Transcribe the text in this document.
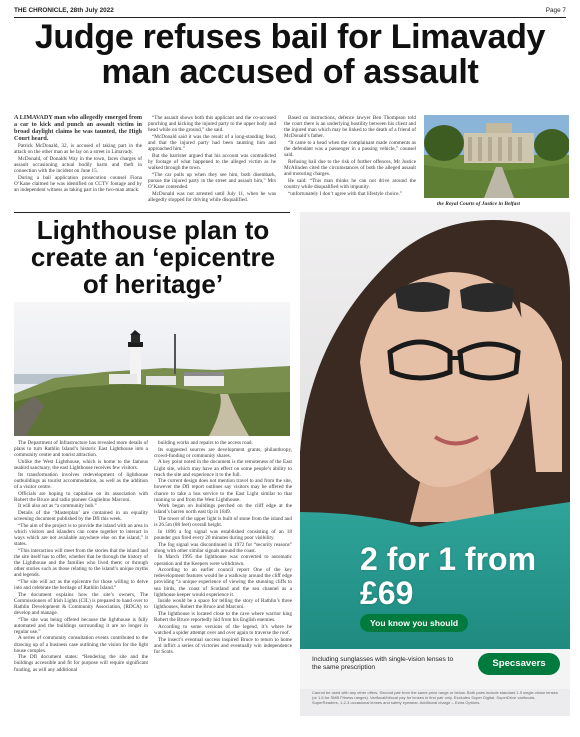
THE CHRONICLE, 28th July 2022	Page 7
Judge refuses bail for Limavady man accused of assault

A LIMAVADY man who allegedly emerged from a car to kick and punch an assault victim in broad daylight claims he was taunted, the High Court heard.

Patrick McDonald, 32, is accused of taking part in the attack on the other man as he lay on a street in Limavady.

McDonald, of Donalds Way in the town, faces charges of assault occasioning actual bodily harm and theft in connection with the incident on June 15.

During a bail application prosecution counsel Fiona O’Kane claimed he was identified on CCTV footage and by an independent witness as taking part in the two-man attack.

“The assault shows both this applicant and the co-accused punching and kicking the injured party to the upper body and head while on the ground,” she said.

“McDonald said it was the result of a long-standing feud, and that the injured party had been taunting him and approached him.”

But the barrister argued that his account was contradicted by footage of what happened to the alleged victim as he walked through the town.

“The car pulls up when they see him, both disembark, pursue the injured party in the street and assault him,” Mrs O’Kane contended.

McDonald was not arrested until July 11, when he was allegedly stopped for driving while disqualified.

Based on instructions, defence lawyer Ben Thompson told the court there is an underlying hostility between his client and the injured man which may be linked to the death of a friend of McDonald’s father.

“It came to a head when the complainant made comments as the defendant was a passenger in a passing vehicle,” counsel said.

Refusing bail due to the risk of further offences, Mr Justice McAlinden cited the circumstances of both the alleged assault and motoring charges.

He said: “This man thinks he can not drive around the country while disqualified with impunity.

“unfortunately I don’t agree with that lifestyle choice.”

the Royal Courts of Justice in Belfast
Lighthouse plan to create an ‘epicentre of heritage’

The Department of Infrastructure has revealed more details of plans to turn Rathlin Island’s historic East Lighthouse into a community centre and tourist attraction.

Unlike the West Lighthouse, which is home to the famous seabird sanctuary, the east Lighthouse receives few visitors.

Its transformation involves redevelopment of lighthouse outbuildings as tourist accommodation, as well as the addition of a visitor centre.

Officials are hoping to capitalise on its association with Robert the Bruce and radio pioneer Guglielmo Marconi.

It will also act as “a community hub.”

Details of the ‘Masterplan’ are contained in an equality screening document published by the DfI this week.

“The aim of the project is to provide the island with an area in which visitors and islanders can come together to interact in ways which are not available anywhere else on the island,” it states.

“This interaction will meet from the stories that the island and the site itself has to offer, whether that be through the history of the Lighthouse and the families who lived there; or through other stories such as those relating to the island’s unique myths and legends.

“The site will act as the epicentre for those willing to delve into and celebrate the heritage of Rathlin Island.”

The document explains how the site’s owners, The Commissioners of Irish Lights (CIL) is prepared to hand over to Rathlin Development & Community Association, (RDCA) to develop and manage.

“The site was being offered because the lighthouse is fully automated and the buildings surrounding it are no longer in regular use.”

A series of community consultation events contributed to the drawing up of a business case outlining the vision for the light house complex.

The DfI document states: “Rendering the site and the buildings accessible and fit for purpose will require significant funding, as will any additional

building works and repairs to the access road.

Its suggested sources are development grants, philanthropy, crowd-funding or community shares.

A key point noted in the document is the remoteness of the East Light site, which may have an effect on some people’s ability to reach the site and experience it to the full.

The current design does not mention travel to and from the site, however the DfI report outlines say visitors may be offered the chance to take a bus service to the East Light similar to that running to and from the West Lighthouse.

Work began on buildings perched on the cliff edge at the island’s barren north east tip in 1849.

The tower of the upper light is built of stone from the island and is 26.5m (88 feet) overall height.

In 1896 a fog signal was established consisting of an 18 pounder gun fired every 20 minutes during poor visibility.

The fog signal was discontinued in 1972 for “security reasons” along with other similar signals around the coast.

In March 1995 the lighthouse was converted to automatic operation and the Keepers were withdrawn.

According to an earlier council report One of the key redevelopment features would be a walkway around the cliff edge providing “a unique experience of viewing the stunning cliffs to sea birds, the coast of Scotland and the sea channel as a lighthouse keeper would experience it.

Inside would be a space for telling the story of Rathlin’s three lighthouses, Robert the Bruce and Marconi.

The lighthouse is located close to the cave where warrior king Robert the Bruce reportedly hid from his English enemies.

According to some versions of the legend, it’s where he watched a spider attempt over and over again to traverse the roof.

The insect’s eventual success inspired Bruce to return to home and inflict a series of victories and eventually win independence for Scots.

2 for 1 from £69
You know you should
Including sunglasses with single-vision lenses to the same prescription	Specsavers
Cannot be used with any other offers. Second pair from the same price range or below. Both pairs include standard 1.5 single-vision lenses (or 1.6 for SMB Fitness ranges). Varifocal/bifocal pay for lenses in first pair only. Excludes Super Digital, SuperDrive varifocals, SuperReaders, 1-2-3 occasional lenses and safety eyewear. Additional charge – Extra Options.
